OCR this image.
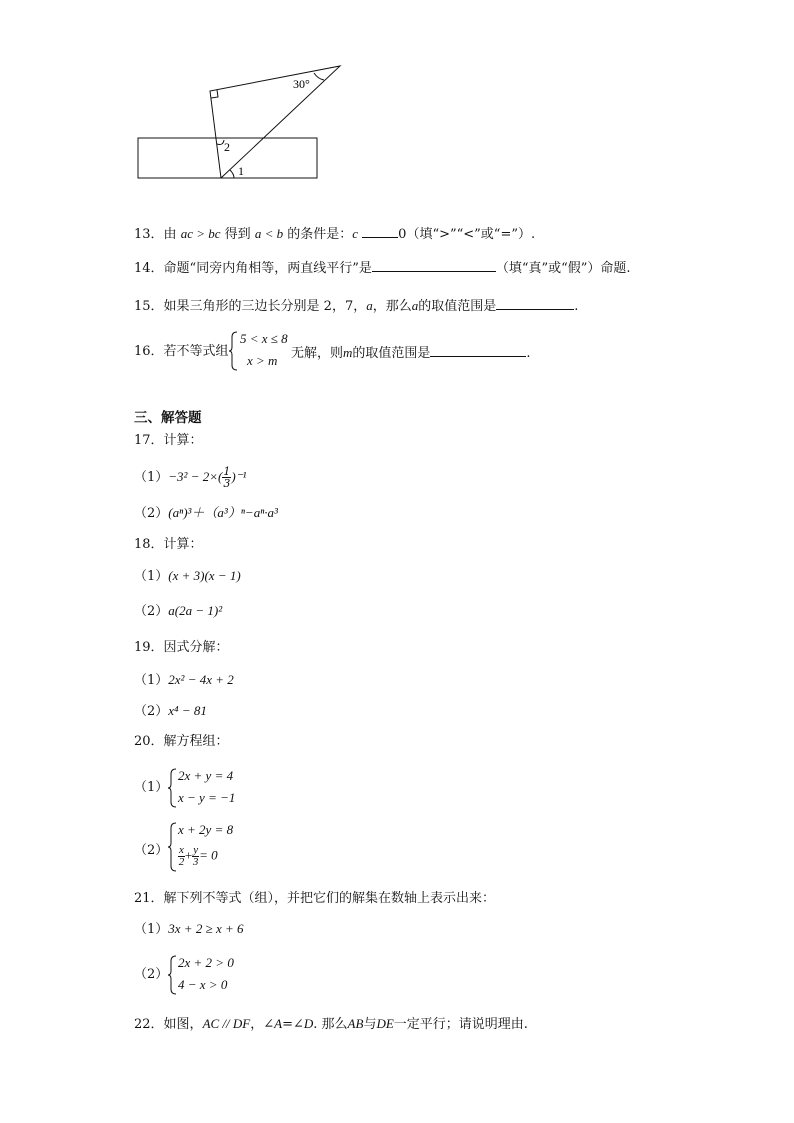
30°
2
1
13．由 ac > bc 得到 a < b 的条件是：c	0（填“>”“<”或“=”）.
14．命题“同旁内角相等，两直线平行”是	（填“真”或“假”）命题.
15．如果三角形的三边长分别是 2，7，a，那么a的取值范围是	.
16．若不等式组
5 < x ≤ 8
x > m 无解，则m的取值范围是	.
三、解答题
17．计算：
$(1)-3^2 - 2\times( \frac{1}{3} )^{-1}$
（2）(aⁿ)³＋（a³）ⁿ−aⁿ·a³
18．计算：
（1）(x + 3)(x − 1)
（2）a(2a − 1)²
19．因式分解：
（1）2x² − 4x + 2
（2）x⁴ − 81
20．解方程组：
（1）
2x + y = 4
x − y = −1
（2）
x + 2y = 8
$\frac{x}{2} + \frac{y}{3} = 0$
21．解下列不等式（组），并把它们的解集在数轴上表示出来：
（1）3x + 2 ≥ x + 6
（2）
2x + 2 > 0
4 − x > 0
22．如图，AC // DF，∠A=∠D. 那么AB与DE一定平行；请说明理由.
